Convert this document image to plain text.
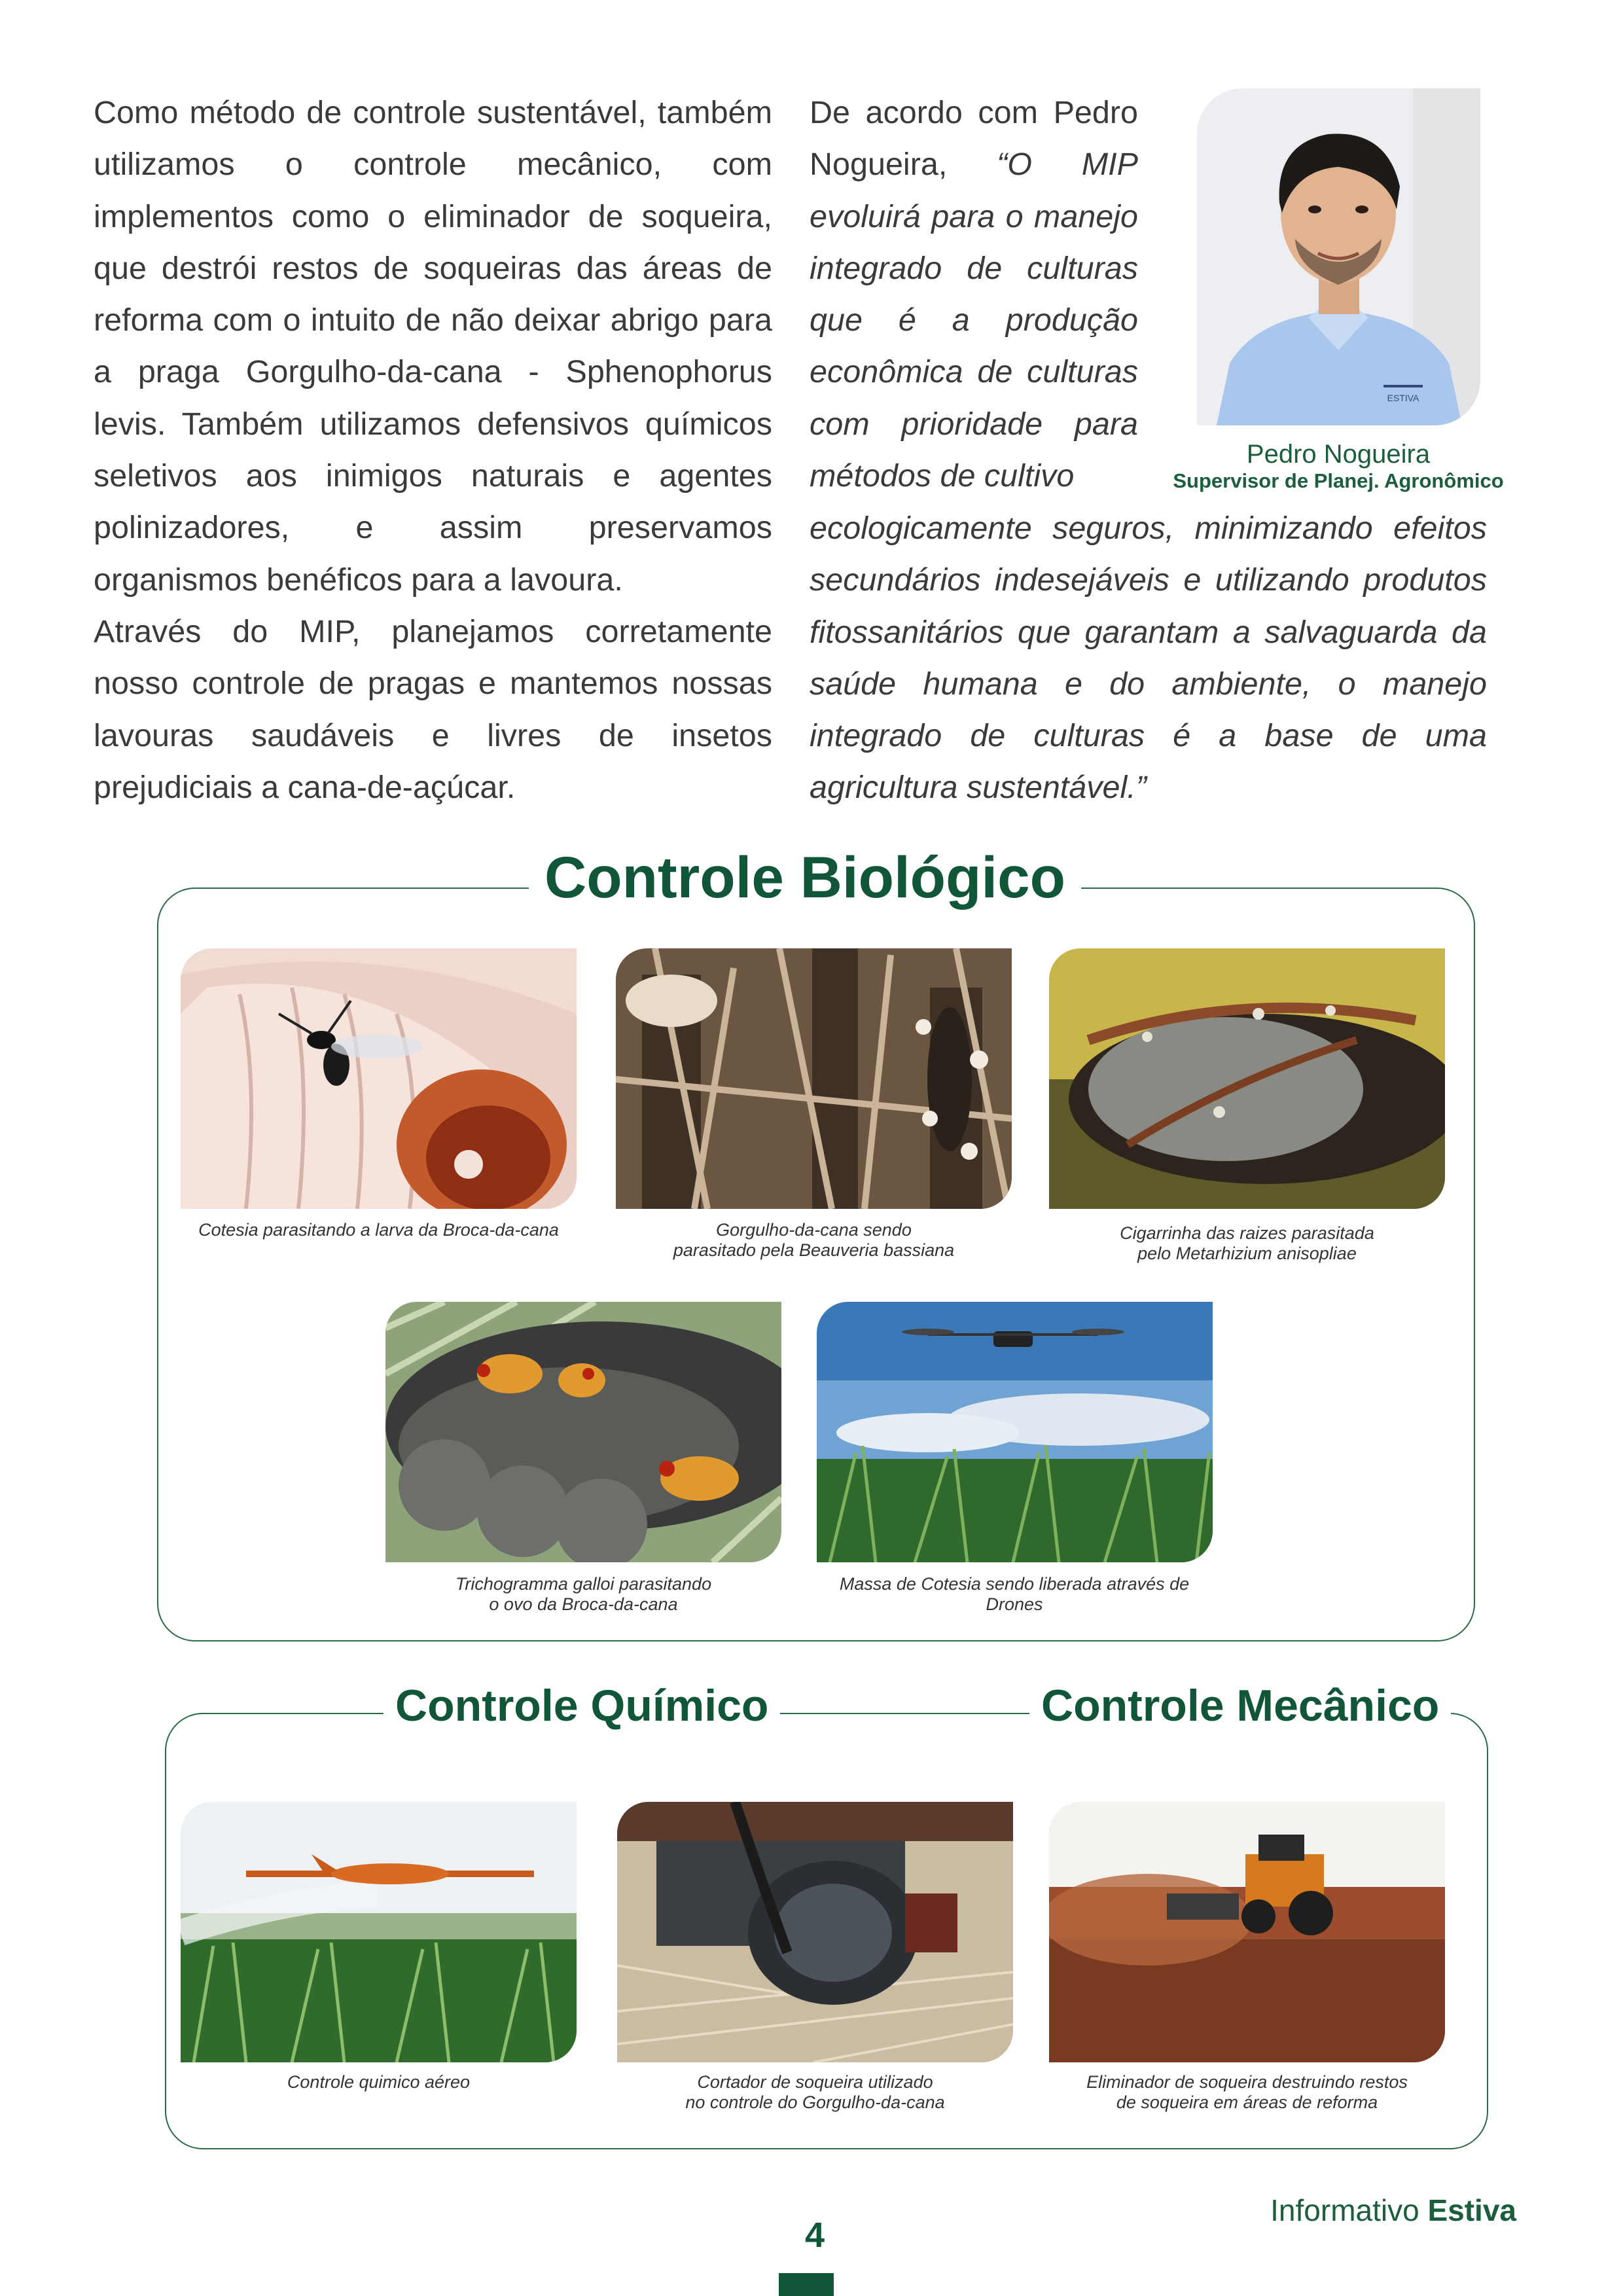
Como método de controle sustentável, também utilizamos o controle mecânico, com implementos como o eliminador de soqueira, que destrói restos de soqueiras das áreas de reforma com o intuito de não deixar abrigo para a praga Gorgulho-da-cana - Sphenophorus levis. Também utilizamos defensivos químicos seletivos aos inimigos naturais e agentes polinizadores, e assim preservamos organismos benéficos para a lavoura.

Através do MIP, planejamos corretamente nosso controle de pragas e mantemos nossas lavouras saudáveis e livres de insetos prejudiciais a cana-de-açúcar.

De acordo com Pedro Nogueira, “O MIP evoluirá para o manejo integrado de culturas que é a produção econômica de culturas com prioridade para métodos de cultivo
ecologicamente seguros, minimizando efeitos secundários indesejáveis e utilizando produtos fitossanitários que garantam a salvaguarda da saúde humana e do ambiente, o manejo integrado de culturas é a base de uma agricultura sustentável.”
ESTIVA
Pedro Nogueira
Supervisor de Planej. Agronômico
Controle Biológico
Cotesia parasitando a larva da Broca-da-cana	Gorgulho-da-cana sendo
parasitado pela Beauveria bassiana
Cigarrinha das raizes parasitada
pelo Metarhizium anisopliae
Trichogramma galloi parasitando
o ovo da Broca-da-cana
Massa de Cotesia sendo liberada através de Drones
Controle Químico	Controle Mecânico
Controle quimico aéreo	Cortador de soqueira utilizado
no controle do Gorgulho-da-cana
Eliminador de soqueira destruindo restos
de soqueira em áreas de reforma
Informativo Estiva
4
